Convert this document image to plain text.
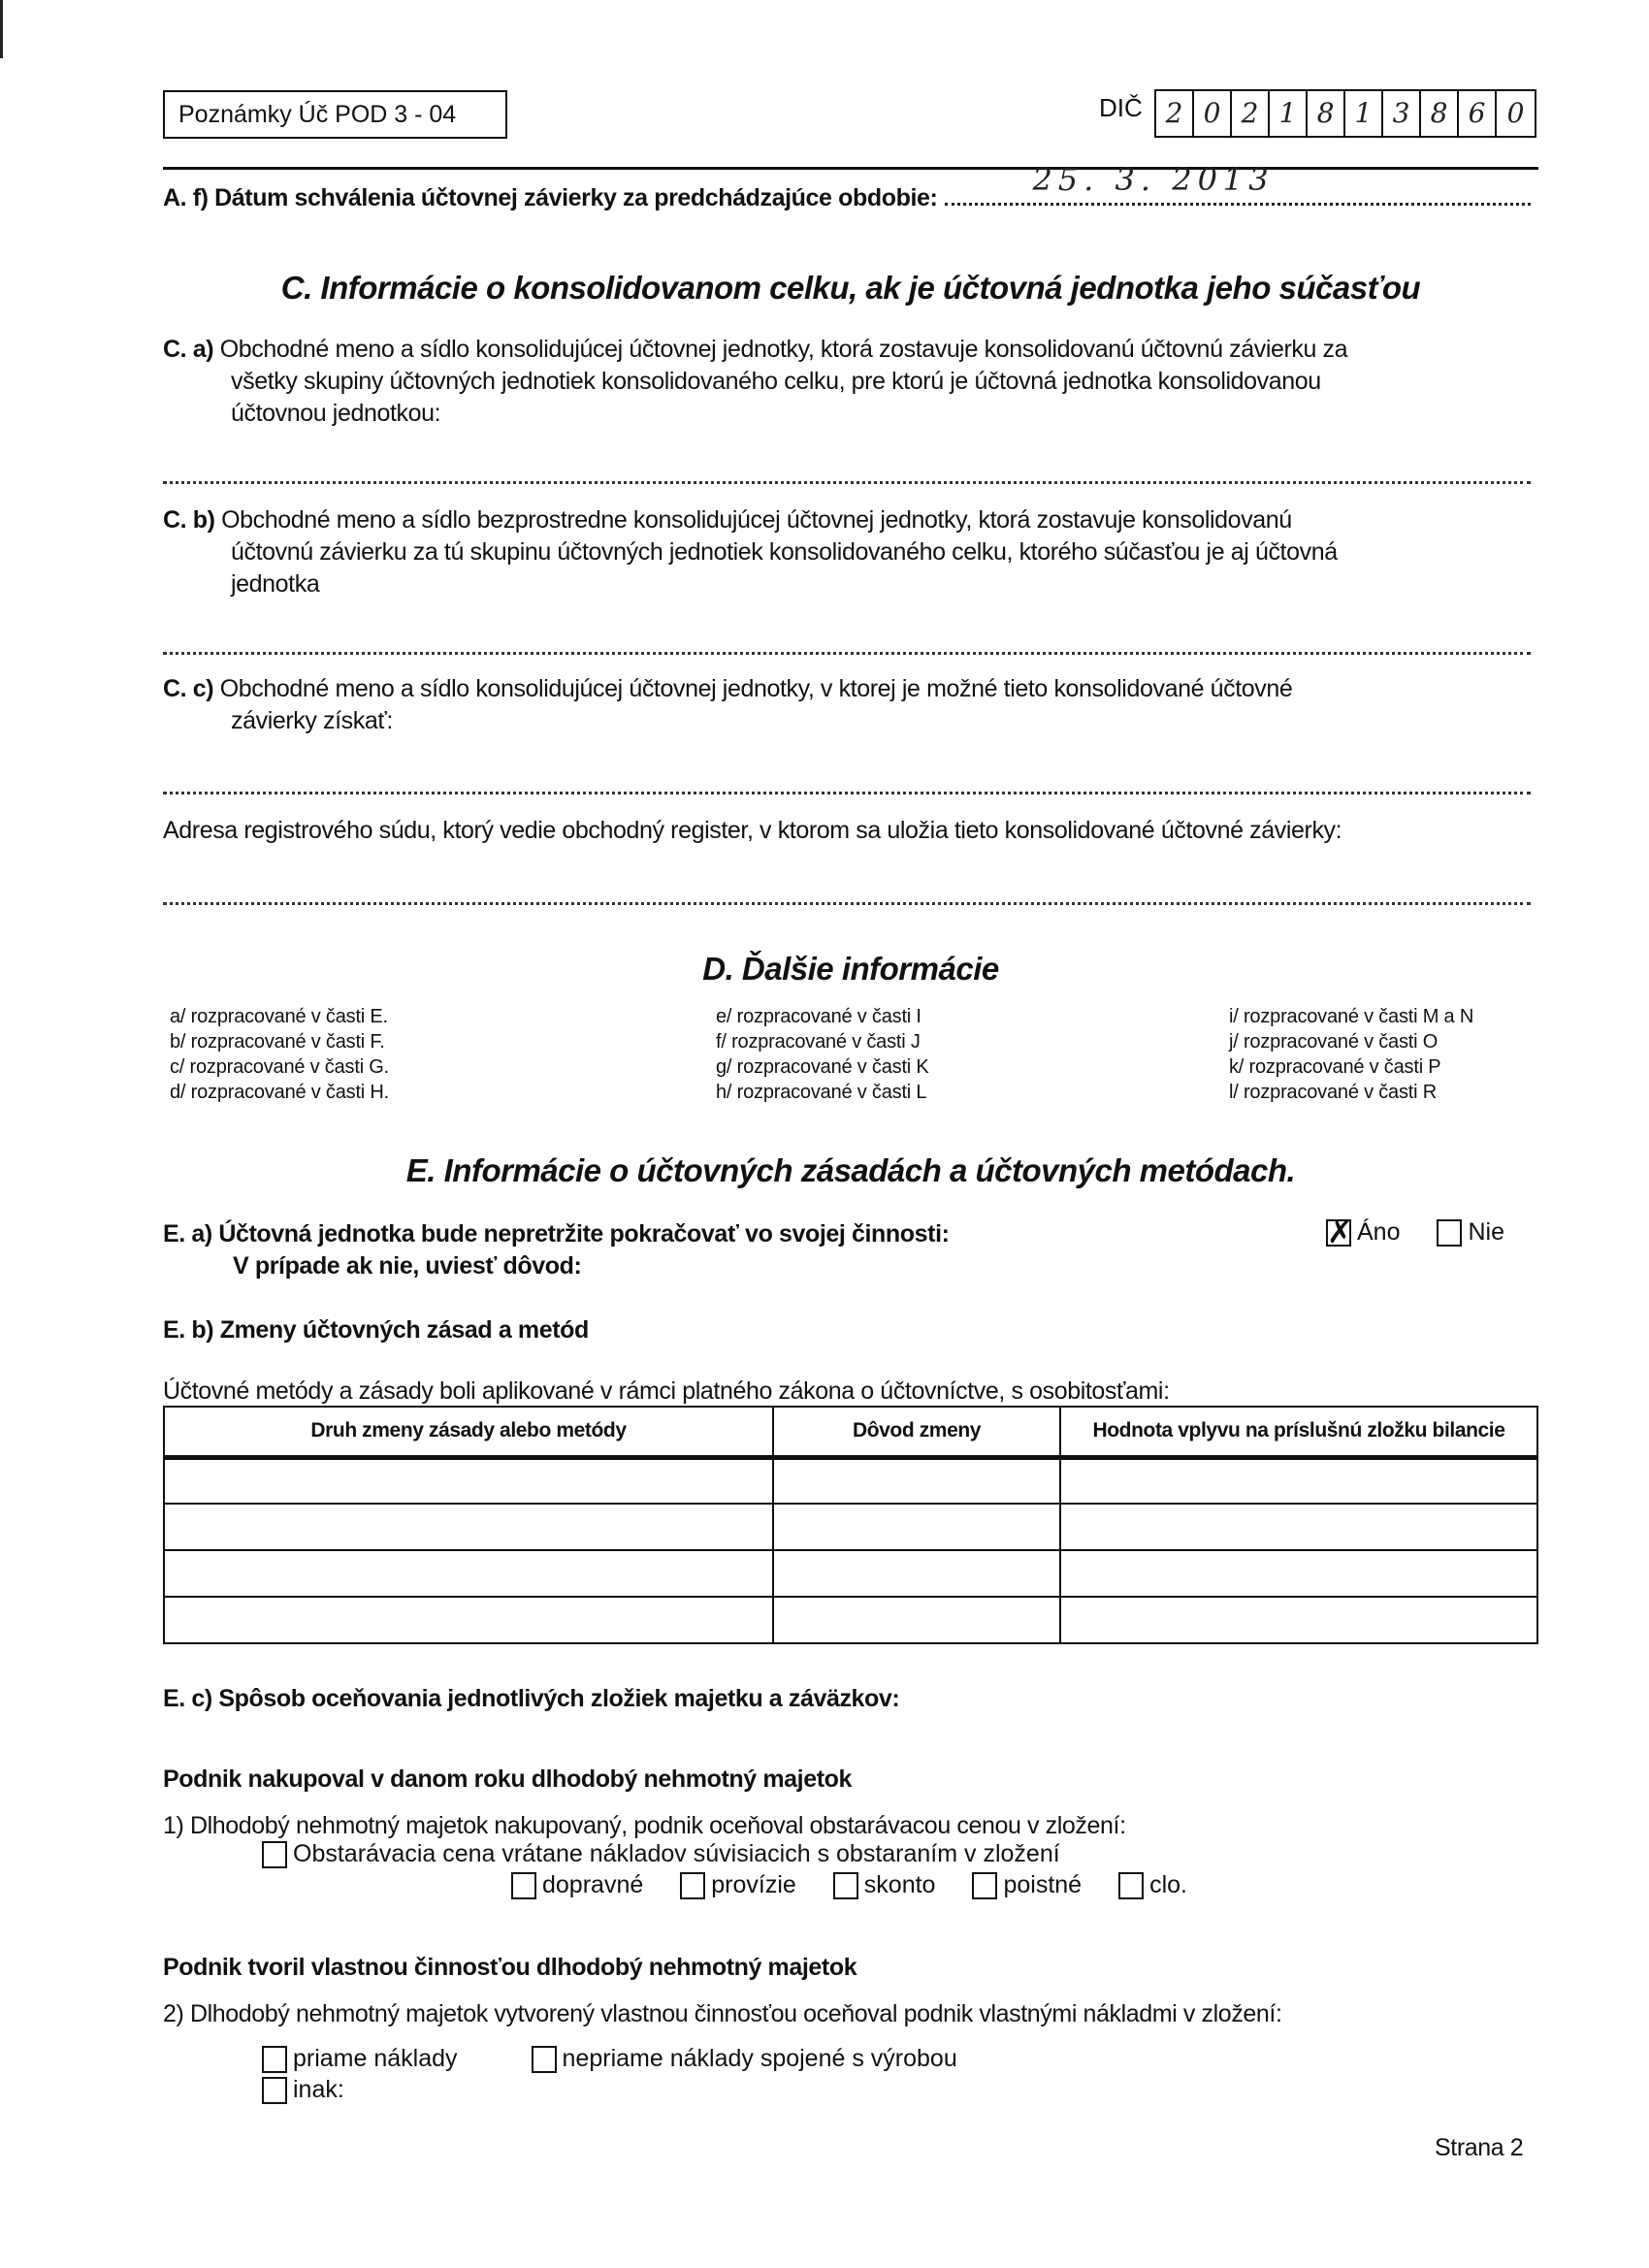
Poznámky Úč POD 3 - 04	DIČ 2 0 2 1 8 1 3 8 6 0
A. f) Dátum schválenia účtovnej závierky za predchádzajúce obdobie:	25. 3. 2013
C. Informácie o konsolidovanom celku, ak je účtovná jednotka jeho súčasťou
C. a) Obchodné meno a sídlo konsolidujúcej účtovnej jednotky, ktorá zostavuje konsolidovanú účtovnú závierku za
všetky skupiny účtovných jednotiek konsolidovaného celku, pre ktorú je účtovná jednotka konsolidovanou
účtovnou jednotkou:
C. b) Obchodné meno a sídlo bezprostredne konsolidujúcej účtovnej jednotky, ktorá zostavuje konsolidovanú
účtovnú závierku za tú skupinu účtovných jednotiek konsolidovaného celku, ktorého súčasťou je aj účtovná
jednotka
C. c) Obchodné meno a sídlo konsolidujúcej účtovnej jednotky, v ktorej je možné tieto konsolidované účtovné
závierky získať:
Adresa registrového súdu, ktorý vedie obchodný register, v ktorom sa uložia tieto konsolidované účtovné závierky:
D. Ďalšie informácie
a/ rozpracované v časti E.
b/ rozpracované v časti F.
c/ rozpracované v časti G.
d/ rozpracované v časti H.
e/ rozpracované v časti I
f/ rozpracované v časti J
g/ rozpracované v časti K
h/ rozpracované v časti L
i/ rozpracované v časti M a N
j/ rozpracované v časti O
k/ rozpracované v časti P
l/ rozpracované v časti R
E. Informácie o účtovných zásadách a účtovných metódach.
E. a) Účtovná jednotka bude nepretržite pokračovať vo svojej činnosti:
V prípade ak nie, uviesť dôvod:
✗
Áno	Nie
E. b) Zmeny účtovných zásad a metód
Účtovné metódy a zásady boli aplikované v rámci platného zákona o účtovníctve, s osobitosťami:
Druh zmeny zásady alebo metódy	Dôvod zmeny	Hodnota vplyvu na príslušnú zložku bilancie

E. c) Spôsob oceňovania jednotlivých zložiek majetku a záväzkov:
Podnik nakupoval v danom roku dlhodobý nehmotný majetok
1) Dlhodobý nehmotný majetok nakupovaný, podnik oceňoval obstarávacou cenou v zložení:
Obstarávacia cena vrátane nákladov súvisiacich s obstaraním v zložení
dopravné	provízie	skonto	poistné	clo.
Podnik tvoril vlastnou činnosťou dlhodobý nehmotný majetok
2) Dlhodobý nehmotný majetok vytvorený vlastnou činnosťou oceňoval podnik vlastnými nákladmi v zložení:
priame náklady	nepriame náklady spojené s výrobou
inak:
Strana 2
